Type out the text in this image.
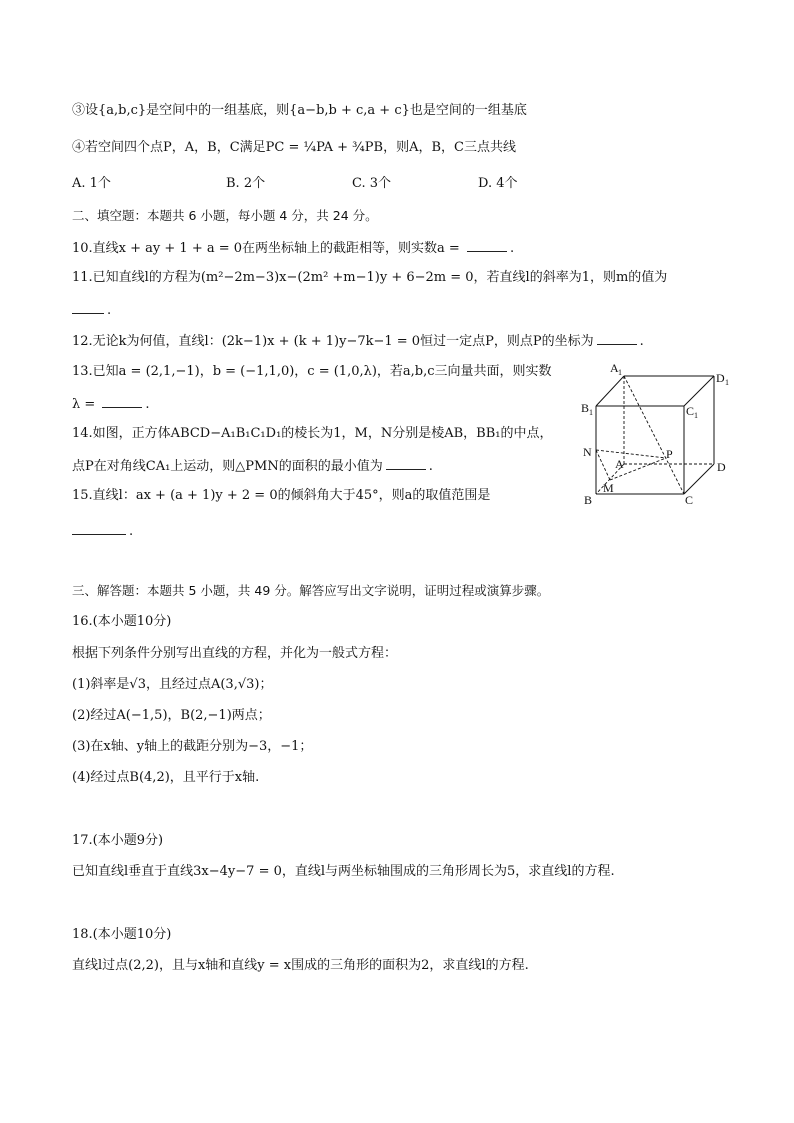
③设{a,b,c}是空间中的一组基底，则{a−b,b + c,a + c}也是空间的一组基底
④若空间四个点P，A，B，C满足PC = ¼PA + ¾PB，则A，B，C三点共线
A. 1个	B. 2个	C. 3个	D. 4个
二、填空题：本题共 6 小题，每小题 4 分，共 24 分。
10.直线x + ay + 1 + a = 0在两坐标轴上的截距相等，则实数a =	.
11.已知直线l的方程为(m²−2m−3)x−(2m² +m−1)y + 6−2m = 0，若直线l的斜率为1，则m的值为
.
12.无论k为何值，直线l：(2k−1)x + (k + 1)y−7k−1 = 0恒过一定点P，则点P的坐标为	.
13.已知a = (2,1,−1)，b = (−1,1,0)，c = (1,0,λ)，若a,b,c三向量共面，则实数
λ =	.
14.如图，正方体ABCD−A₁B₁C₁D₁的棱长为1，M，N分别是棱AB，BB₁的中点，
点P在对角线CA₁上运动，则△PMN的面积的最小值为	.
15.直线l：ax + (a + 1)y + 2 = 0的倾斜角大于45°，则a的取值范围是
.
A 1	D 1
B 1	C 1
N
A
P
D
M
B	C
三、解答题：本题共 5 小题，共 49 分。解答应写出文字说明，证明过程或演算步骤。
16.(本小题10分)
根据下列条件分别写出直线的方程，并化为一般式方程：
(1)斜率是√3，且经过点A(3,√3)；
(2)经过A(−1,5)，B(2,−1)两点；
(3)在x轴、y轴上的截距分别为−3，−1；
(4)经过点B(4,2)，且平行于x轴.
17.(本小题9分)
已知直线l垂直于直线3x−4y−7 = 0，直线l与两坐标轴围成的三角形周长为5，求直线l的方程.
18.(本小题10分)
直线l过点(2,2)，且与x轴和直线y = x围成的三角形的面积为2，求直线l的方程.
